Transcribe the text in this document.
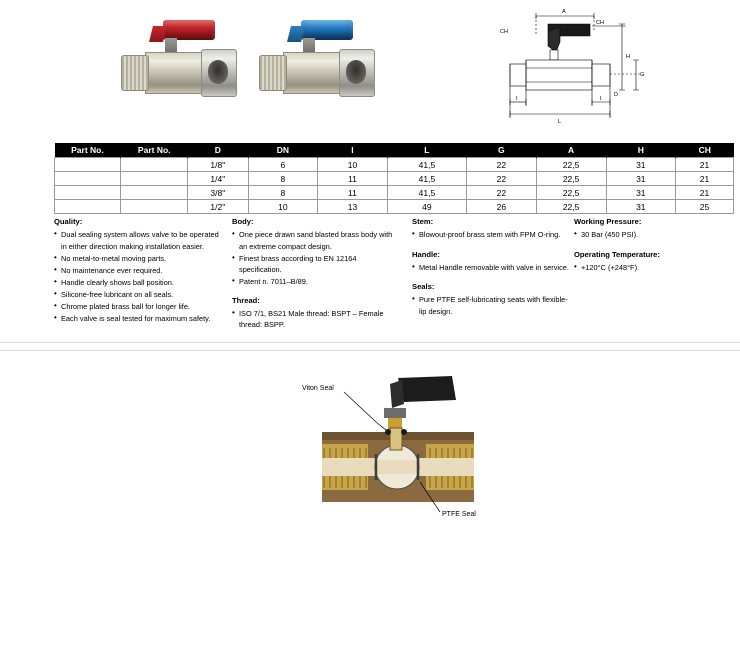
A
CH
CH
H
G
D
I	I
L
Part No.	Part No.	D	DN	I	L	G	A	H	CH
VM02R	VM02B	1/8"	6	10	41,5	22	22,5	31	21
VM04R	VM04B	1/4"	8	11	41,5	22	22,5	31	21
VM06R	VM06B	3/8"	8	11	41,5	22	22,5	31	21
VM08R	VM08B	1/2"	10	13	49	26	22,5	31	25
Quality:
• Dual sealing system allows valve to be operated in either direction making installation easier.
• No metal-to-metal moving parts.
• No maintenance ever required.
• Handle clearly shows ball position.
• Silicone-free lubricant on all seals.
• Chrome plated brass ball for longer life.
• Each valve is seal tested for maximum safety.
Body:
• One piece drawn sand blasted brass body with an extreme compact design.
• Finest brass according to EN 12164 specification.
• Patent n. 7011–B/89.
Thread:
• ISO 7/1, BS21 Male thread: BSPT – Female thread: BSPP.
Stem:
• Blowout-proof brass stem with FPM O-ring.
Handle:
• Metal Handle removable with valve in service.
Seals:
• Pure PTFE self-lubricating seats with flexible-lip design.
Working Pressure:
• 30 Bar (450 PSI).
Operating Temperature:
• +120°C (+248°F).
Viton Seal
PTFE Seal
